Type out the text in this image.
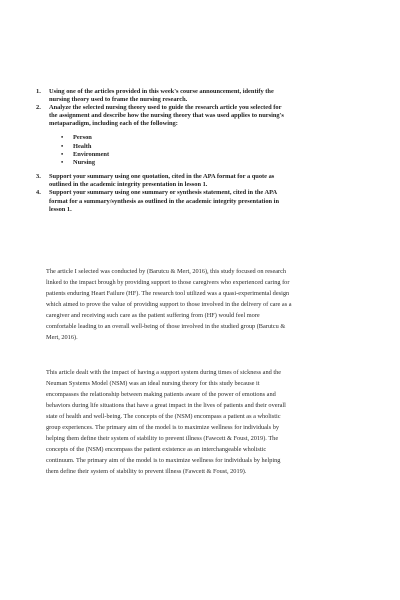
1. Using one of the articles provided in this week's course announcement, identify the
nursing theory used to frame the nursing research.
2. Analyze the selected nursing theory used to guide the research article you selected for
the assignment and describe how the nursing theory that was used applies to nursing's
metaparadigm, including each of the following:
• Person
• Health
• Environment
• Nursing
3. Support your summary using one quotation, cited in the APA format for a quote as
outlined in the academic integrity presentation in lesson 1.
4. Support your summary using one summary or synthesis statement, cited in the APA
format for a summary/synthesis as outlined in the academic integrity presentation in
lesson 1.

The article I selected was conducted by (Barutcu & Mert, 2016), this study focused on research
linked to the impact brough by providing support to those caregivers who experienced caring for
patients enduring Heart Failure (HF). The research tool utilized was a quasi-experimental design
which aimed to prove the value of providing support to those involved in the delivery of care as a
caregiver and receiving such care as the patient suffering from (HF) would feel more
comfortable leading to an overall well-being of those involved in the studied group (Barutcu &
Mert, 2016).

This article dealt with the impact of having a support system during times of sickness and the
Neuman Systems Model (NSM) was an ideal nursing theory for this study because it
encompasses the relationship between making patients aware of the power of emotions and
behaviors during life situations that have a great impact in the lives of patients and their overall
state of health and well-being. The concepts of the (NSM) encompass a patient as a wholistic
group experiences. The primary aim of the model is to maximize wellness for individuals by
helping them define their system of stability to prevent illness (Fawcett & Foust, 2019). The
concepts of the (NSM) encompass the patient existence as an interchangeable wholistic
continuum. The primary aim of the model is to maximize wellness for individuals by helping
them define their system of stability to prevent illness (Fawcett & Foust, 2019).
